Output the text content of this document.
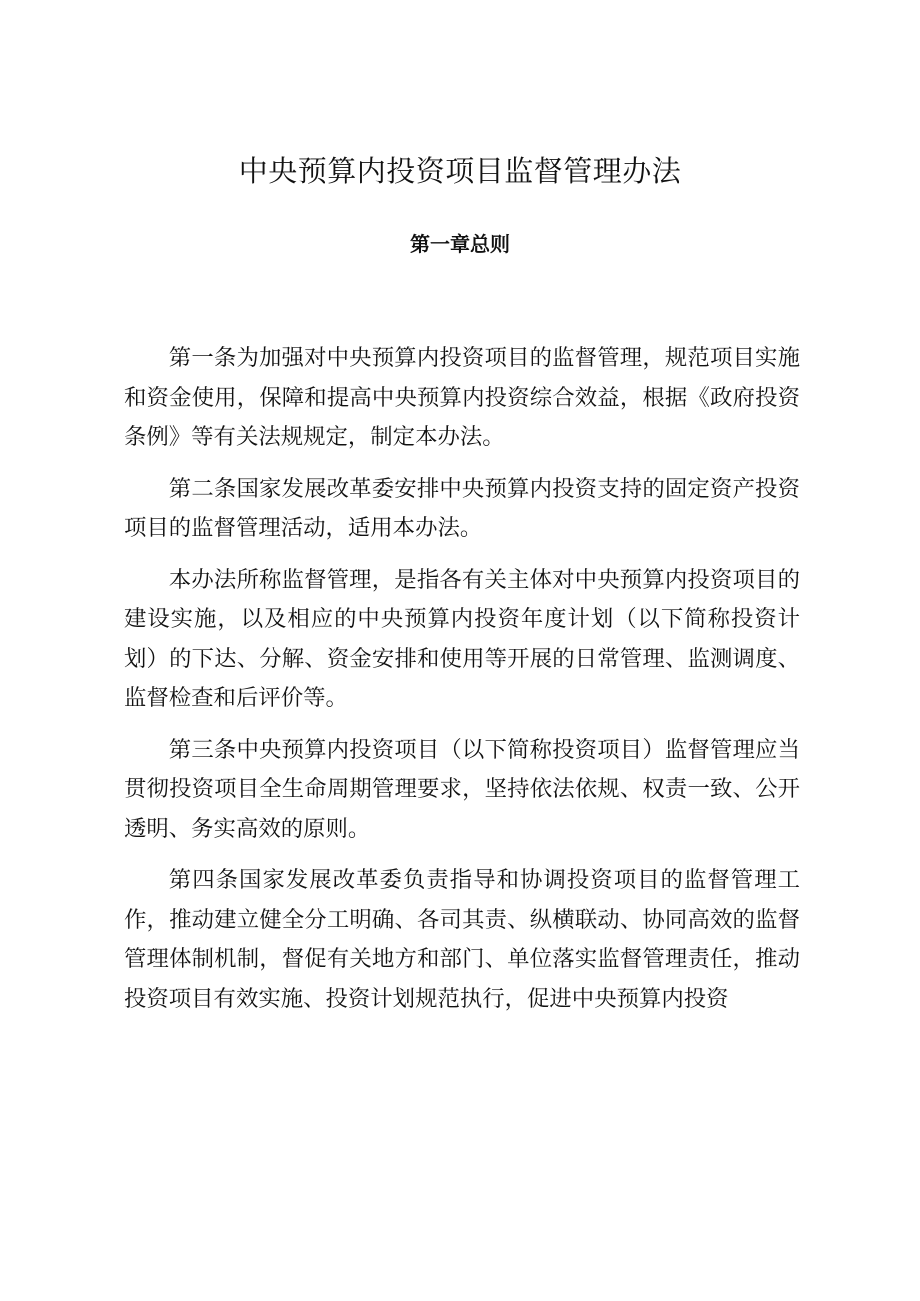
中央预算内投资项目监督管理办法
第一章总则

第一条为加强对中央预算内投资项目的监督管理，规范项目实施和资金使用，保障和提高中央预算内投资综合效益，根据《政府投资条例》等有关法规规定，制定本办法。

第二条国家发展改革委安排中央预算内投资支持的固定资产投资项目的监督管理活动，适用本办法。

本办法所称监督管理，是指各有关主体对中央预算内投资项目的建设实施，以及相应的中央预算内投资年度计划（以下简称投资计划）的下达、分解、资金安排和使用等开展的日常管理、监测调度、监督检查和后评价等。

第三条中央预算内投资项目（以下简称投资项目）监督管理应当贯彻投资项目全生命周期管理要求，坚持依法依规、权责一致、公开透明、务实高效的原则。

第四条国家发展改革委负责指导和协调投资项目的监督管理工作，推动建立健全分工明确、各司其责、纵横联动、协同高效的监督管理体制机制，督促有关地方和部门、单位落实监督管理责任，推动投资项目有效实施、投资计划规范执行，促进中央预算内投资
